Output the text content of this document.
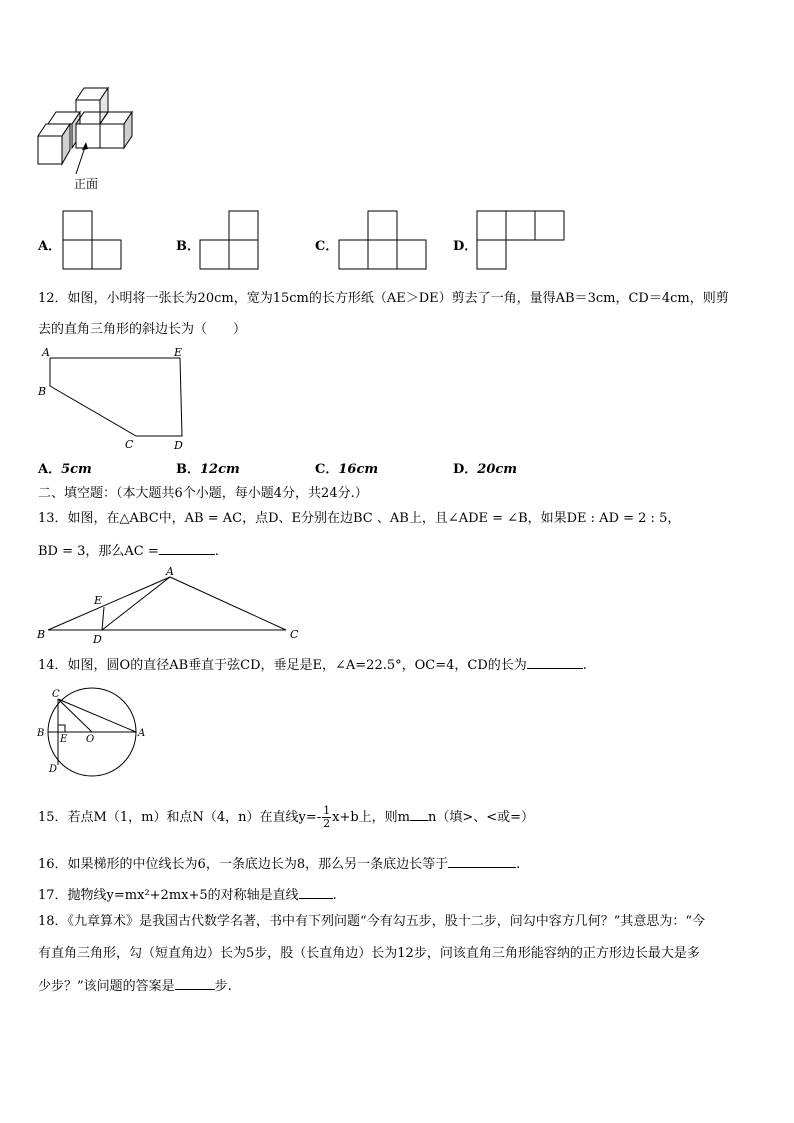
正面
A．	B．	C．	D．
12．如图，小明将一张长为20cm，宽为15cm的长方形纸（AE＞DE）剪去了一角，量得AB＝3cm，CD＝4cm，则剪
去的直角三角形的斜边长为（　　）
A	E
B
C	D
A．5cm	B．12cm	C．16cm	D．20cm
二、填空题：（本大题共6个小题，每小题4分，共24分.）
13．如图，在△ABC中，AB = AC，点D、E分别在边BC 、AB上，且∠ADE = ∠B，如果DE : AD = 2 : 5，
BD = 3，那么AC =	.
A
E
B	D	C
14．如图，圆O的直径AB垂直于弦CD，垂足是E，∠A=22.5°，OC=4，CD的长为	.
C
B
E O
A
D
15．若点M（1，m）和点N（4，n）在直线$y=- \frac{1}{2} x+b$上，则m n（填>、<或=）
16．如果梯形的中位线长为6，一条底边长为8，那么另一条底边长等于	.
17．抛物线y=mx²+2mx+5的对称轴是直线	.
18．《九章算术》是我国古代数学名著，书中有下列问题“今有勾五步，股十二步，问勾中容方几何？”其意思为：“今
有直角三角形，勾（短直角边）长为5步，股（长直角边）长为12步，问该直角三角形能容纳的正方形边长最大是多
少步？”该问题的答案是	步.
